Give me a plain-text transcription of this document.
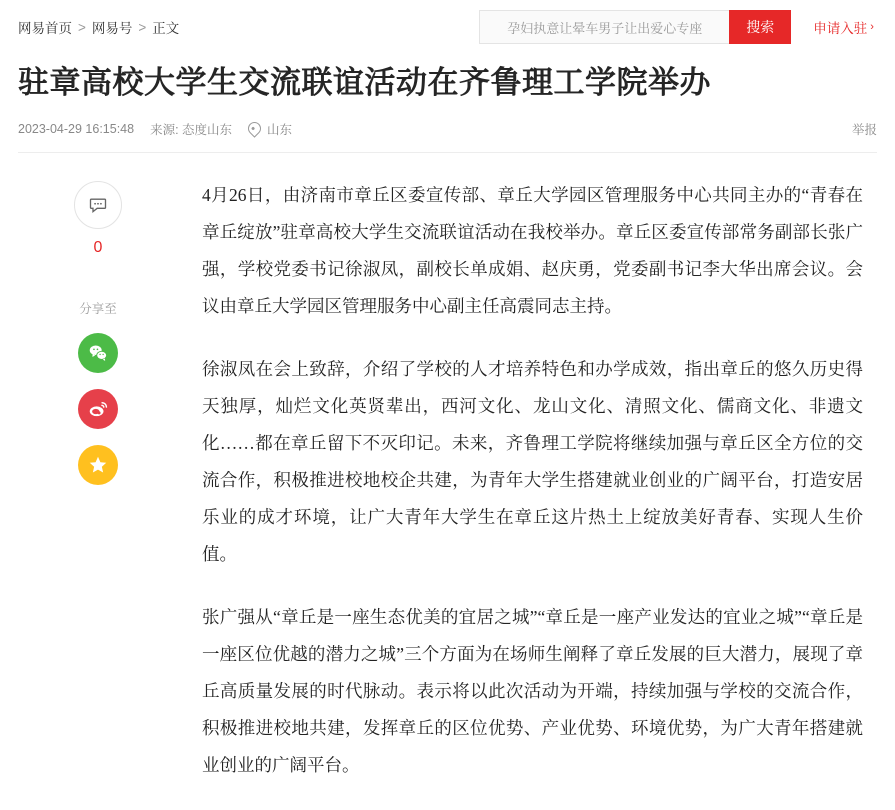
网易首页 > 网易号 > 正文
孕妇执意让晕车男子让出爱心专座	搜索	申请入驻 ›
驻章高校大学生交流联谊活动在齐鲁理工学院举办
2023-04-29 16:15:48 来源: 态度山东	山东	举报
0
分享至

4月26日，由济南市章丘区委宣传部、章丘大学园区管理服务中心共同主办的“青春在章丘绽放”驻章高校大学生交流联谊活动在我校举办。章丘区委宣传部常务副部长张广强，学校党委书记徐淑凤，副校长单成娟、赵庆勇，党委副书记李大华出席会议。会议由章丘大学园区管理服务中心副主任高震同志主持。

徐淑凤在会上致辞，介绍了学校的人才培养特色和办学成效，指出章丘的悠久历史得天独厚，灿烂文化英贤辈出，西河文化、龙山文化、清照文化、儒商文化、非遗文化……都在章丘留下不灭印记。未来，齐鲁理工学院将继续加强与章丘区全方位的交流合作，积极推进校地校企共建，为青年大学生搭建就业创业的广阔平台，打造安居乐业的成才环境，让广大青年大学生在章丘这片热土上绽放美好青春、实现人生价值。

张广强从“章丘是一座生态优美的宜居之城”“章丘是一座产业发达的宜业之城”“章丘是一座区位优越的潜力之城”三个方面为在场师生阐释了章丘发展的巨大潜力，展现了章丘高质量发展的时代脉动。表示将以此次活动为开端，持续加强与学校的交流合作，积极推进校地共建，发挥章丘的区位优势、产业优势、环境优势，为广大青年搭建就业创业的广阔平台。
